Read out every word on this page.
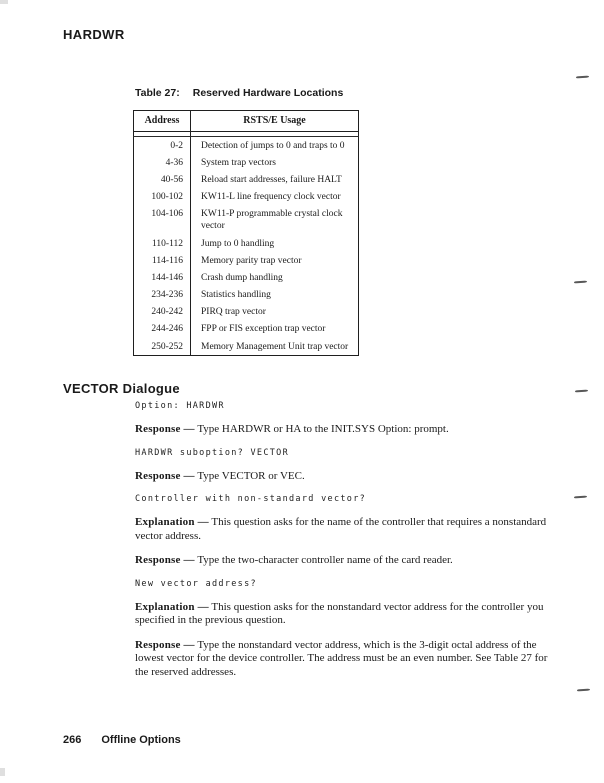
HARDWR
Table 27: Reserved Hardware Locations
Address	RSTS/E Usage

0-2	Detection of jumps to 0 and traps to 0
4-36	System trap vectors
40-56	Reload start addresses, failure HALT
100-102	KW11-L line frequency clock vector
104-106	KW11-P programmable crystal clock vector
110-112	Jump to 0 handling
114-116	Memory parity trap vector
144-146	Crash dump handling
234-236	Statistics handling
240-242	PIRQ trap vector
244-246	FPP or FIS exception trap vector
250-252	Memory Management Unit trap vector
VECTOR Dialogue
Option: HARDWR

Response — Type HARDWR or HA to the INIT.SYS Option: prompt.

HARDWR suboption? VECTOR

Response — Type VECTOR or VEC.

Controller with non-standard vector?

Explanation — This question asks for the name of the controller that requires a nonstandard vector address.

Response — Type the two-character controller name of the card reader.

New vector address?

Explanation — This question asks for the nonstandard vector address for the controller you specified in the previous question.

Response — Type the nonstandard vector address, which is the 3-digit octal address of the lowest vector for the device controller. The address must be an even number. See Table 27 for the reserved addresses.

266 Offline Options
